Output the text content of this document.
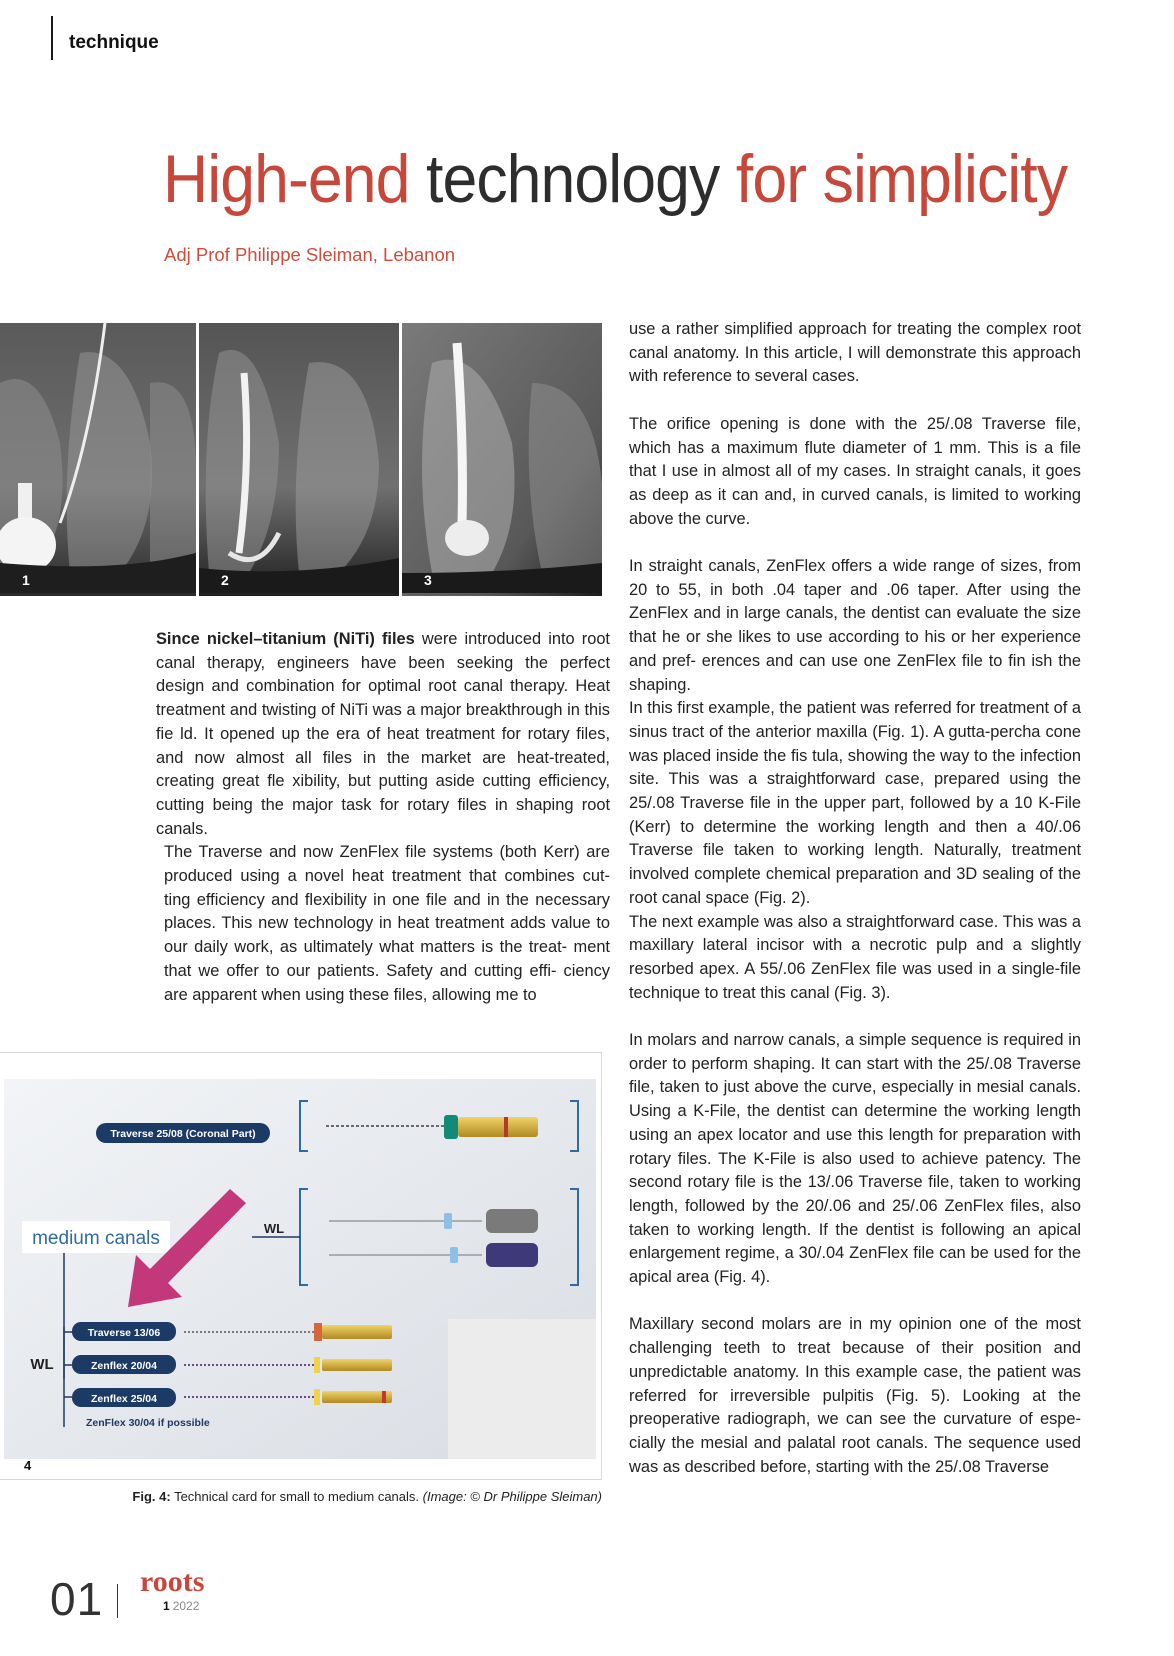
technique
High-end technology for simplicity
Adj Prof Philippe Sleiman, Lebanon
1	2	3

Since nickel–titanium (NiTi) files were introduced into root canal therapy, engineers have been seeking the perfect design and combination for optimal root canal therapy. Heat treatment and twisting of NiTi was a major breakthrough in this fie ld. It opened up the era of heat treatment for rotary files, and now almost all files in the market are heat-treated, creating great fle xibility, but putting aside cutting efficiency, cutting being the major task for rotary files in shaping root canals.

The Traverse and now ZenFlex file systems (both Kerr) are produced using a novel heat treatment that combines cut- ting efficiency and flexibility in one file and in the necessary places. This new technology in heat treatment adds value to our daily work, as ultimately what matters is the treat- ment that we offer to our patients. Safety and cutting effi- ciency are apparent when using these files, allowing me to

use a rather simplified approach for treating the complex root canal anatomy. In this article, I will demonstrate this approach with reference to several cases.

The orifice opening is done with the 25/.08 Traverse file, which has a maximum flute diameter of 1 mm. This is a file that I use in almost all of my cases. In straight canals, it goes as deep as it can and, in curved canals, is limited to working above the curve.

In straight canals, ZenFlex offers a wide range of sizes, from 20 to 55, in both .04 taper and .06 taper. After using the ZenFlex and in large canals, the dentist can evaluate the size that he or she likes to use according to his or her experience and pref- erences and can use one ZenFlex file to fin ish the shaping.

In this first example, the patient was referred for treatment of a sinus tract of the anterior maxilla (Fig. 1). A gutta-percha cone was placed inside the fis tula, showing the way to the infection site. This was a straightforward case, prepared using the 25/.08 Traverse file in the upper part, followed by a 10 K-File (Kerr) to determine the working length and then a 40/.06 Traverse file taken to working length. Naturally, treatment involved complete chemical preparation and 3D sealing of the root canal space (Fig. 2).

The next example was also a straightforward case. This was a maxillary lateral incisor with a necrotic pulp and a slightly resorbed apex. A 55/.06 ZenFlex file was used in a single-file technique to treat this canal (Fig. 3).

In molars and narrow canals, a simple sequence is required in order to perform shaping. It can start with the 25/.08 Traverse file, taken to just above the curve, especially in mesial canals. Using a K-File, the dentist can determine the working length using an apex locator and use this length for preparation with rotary files. The K-File is also used to achieve patency. The second rotary file is the 13/.06 Traverse file, taken to working length, followed by the 20/.06 and 25/.06 ZenFlex files, also taken to working length. If the dentist is following an apical enlargement regime, a 30/.04 ZenFlex file can be used for the apical area (Fig. 4).

Maxillary second molars are in my opinion one of the most challenging teeth to treat because of their position and unpredictable anatomy. In this example case, the patient was referred for irreversible pulpitis (Fig. 5). Looking at the preoperative radiograph, we can see the curvature of espe- cially the mesial and palatal root canals. The sequence used was as described before, starting with the 25/.08 Traverse

Traverse 25/08 (Coronal Part)
WL
medium canals
WL
Traverse 13/06
Zenflex 20/04
Zenflex 25/04
ZenFlex 30/04 if possible
4
Fig. 4: Technical card for small to medium canals. (Image: © Dr Philippe Sleiman)
01 roots
1 2022
